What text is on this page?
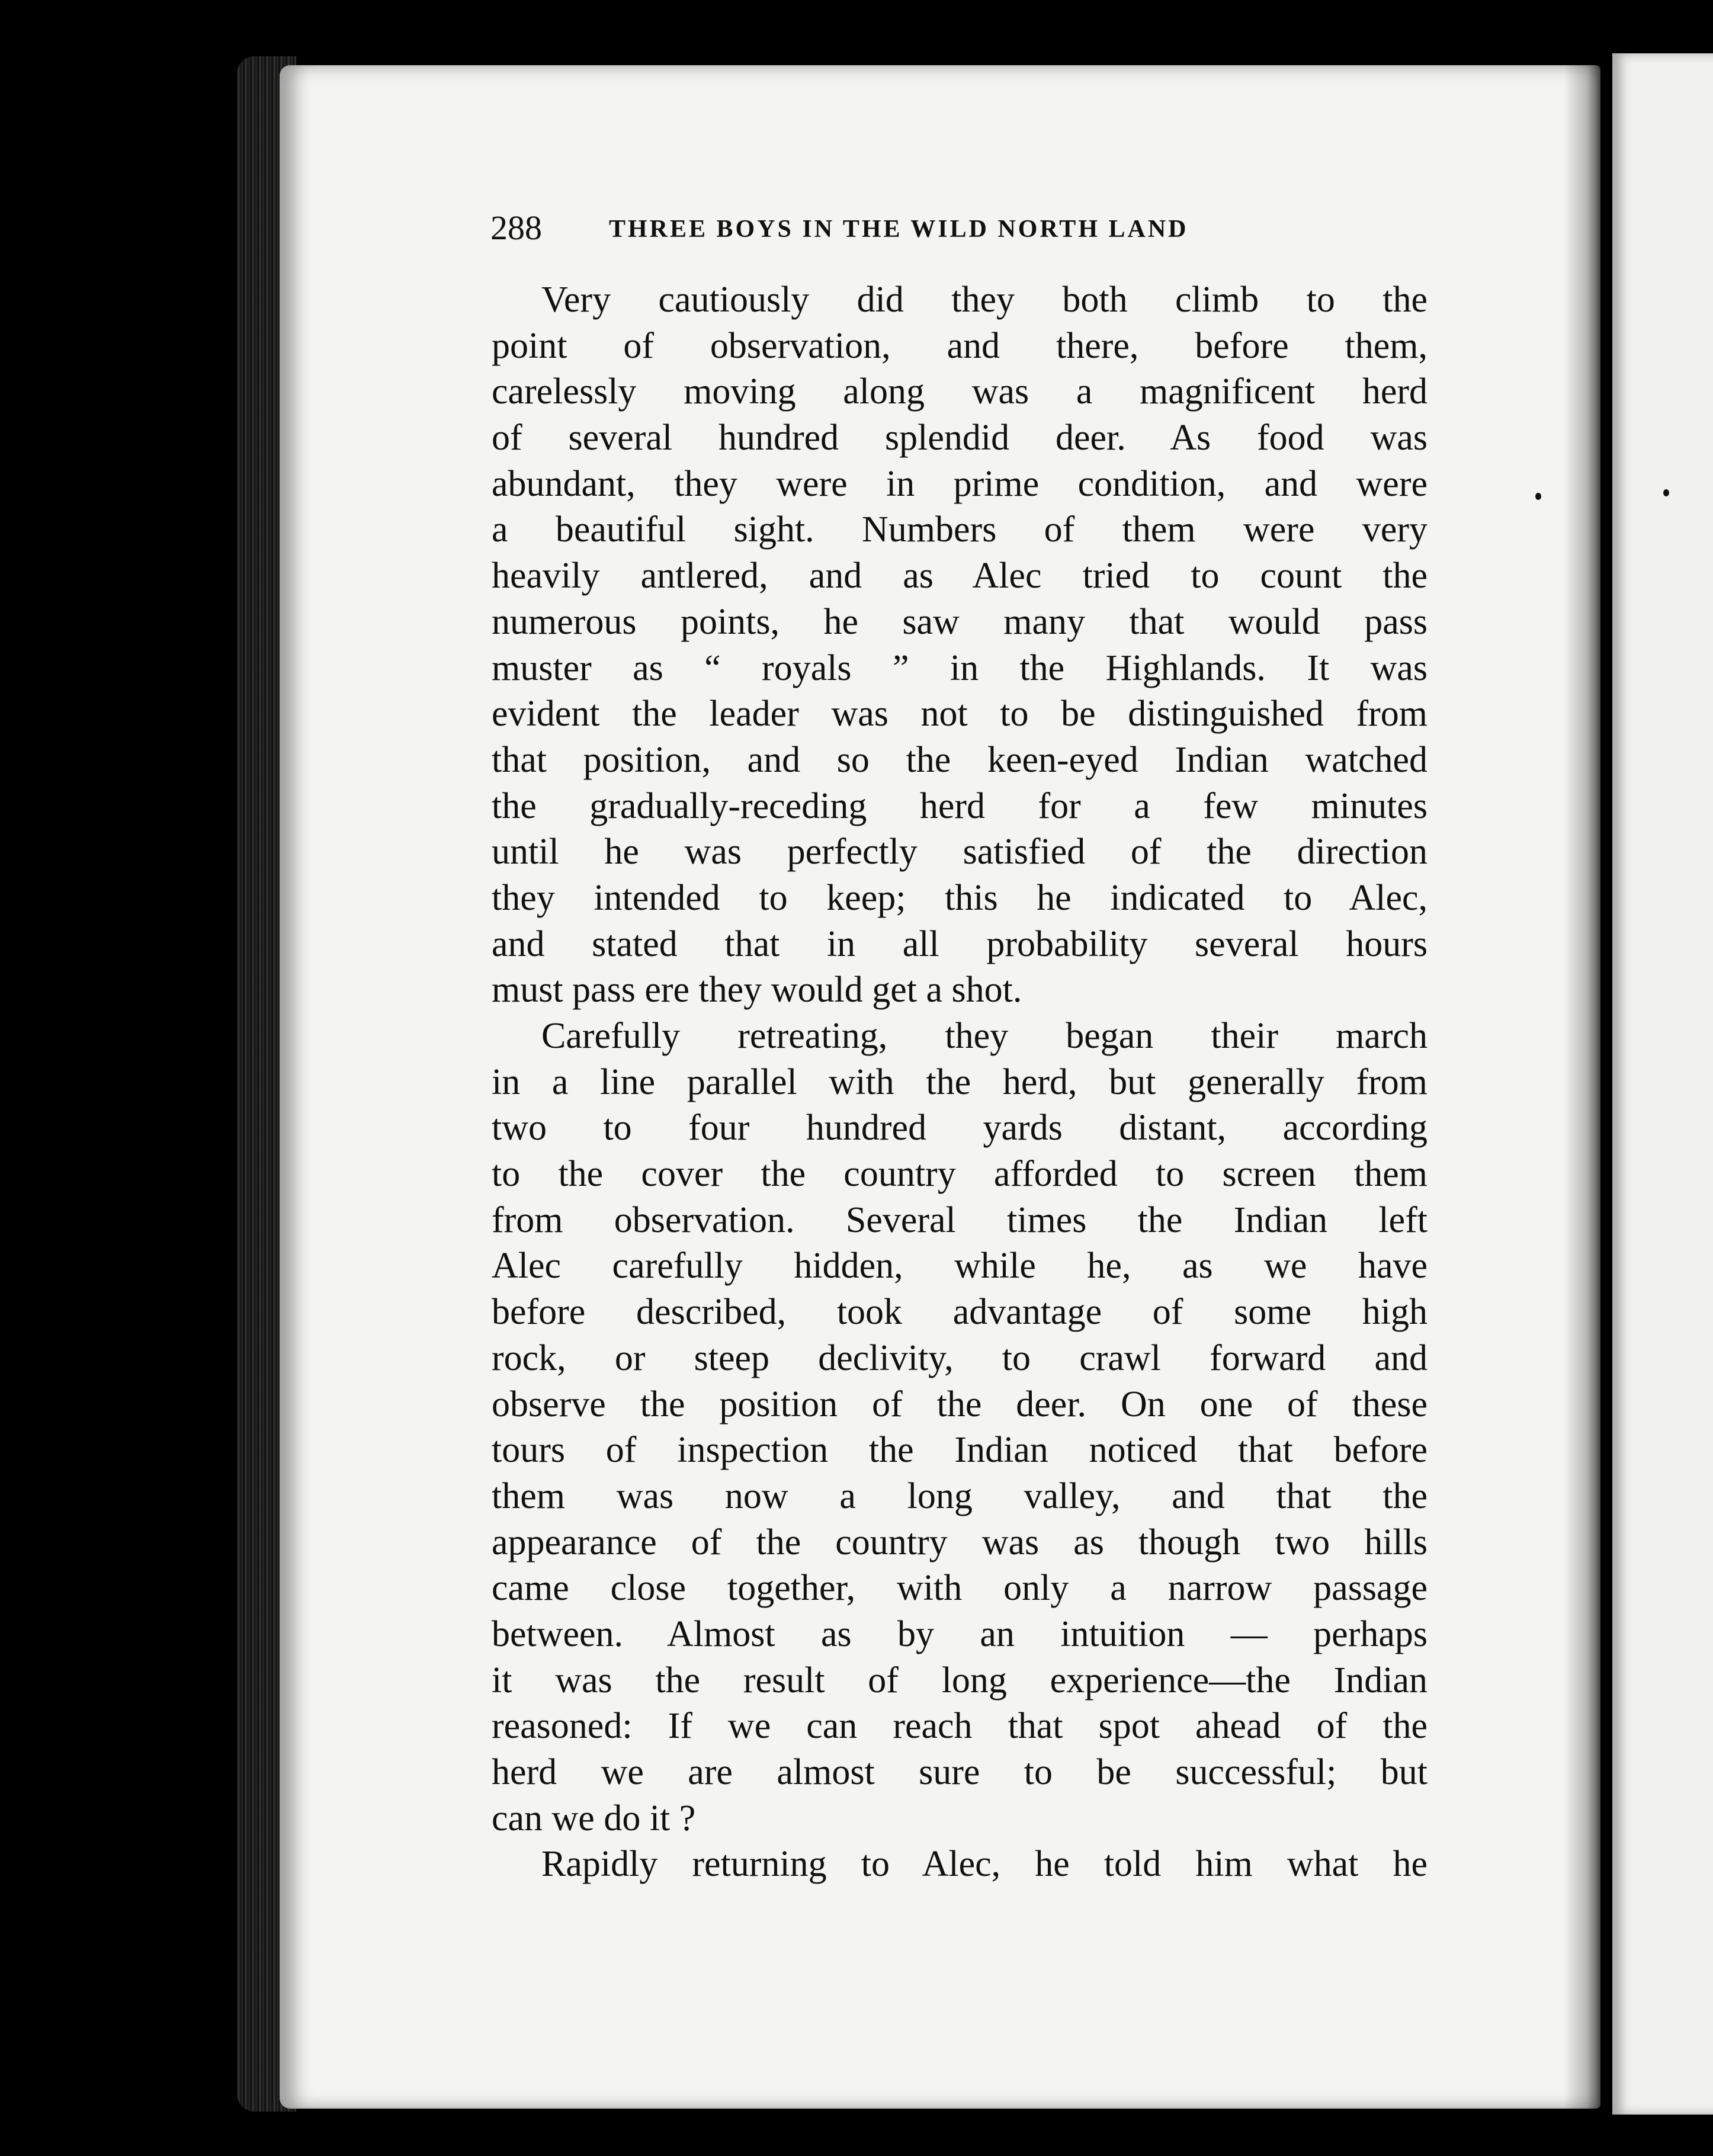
288	THREE BOYS IN THE WILD NORTH LAND
Very cautiously did they both climb to the
point of observation, and there, before them,
carelessly moving along was a magnificent herd
of several hundred splendid deer. As food was
abundant, they were in prime condition, and were
a beautiful sight. Numbers of them were very
heavily antlered, and as Alec tried to count the
numerous points, he saw many that would pass
muster as “ royals ” in the Highlands. It was
evident the leader was not to be distinguished from
that position, and so the keen-eyed Indian watched
the gradually-receding herd for a few minutes
until he was perfectly satisfied of the direction
they intended to keep; this he indicated to Alec,
and stated that in all probability several hours
must pass ere they would get a shot.
Carefully retreating, they began their march
in a line parallel with the herd, but generally from
two to four hundred yards distant, according
to the cover the country afforded to screen them
from observation. Several times the Indian left
Alec carefully hidden, while he, as we have
before described, took advantage of some high
rock, or steep declivity, to crawl forward and
observe the position of the deer. On one of these
tours of inspection the Indian noticed that before
them was now a long valley, and that the
appearance of the country was as though two hills
came close together, with only a narrow passage
between. Almost as by an intuition — perhaps
it was the result of long experience—the Indian
reasoned: If we can reach that spot ahead of the
herd we are almost sure to be successful; but
can we do it ?
Rapidly returning to Alec, he told him what he
